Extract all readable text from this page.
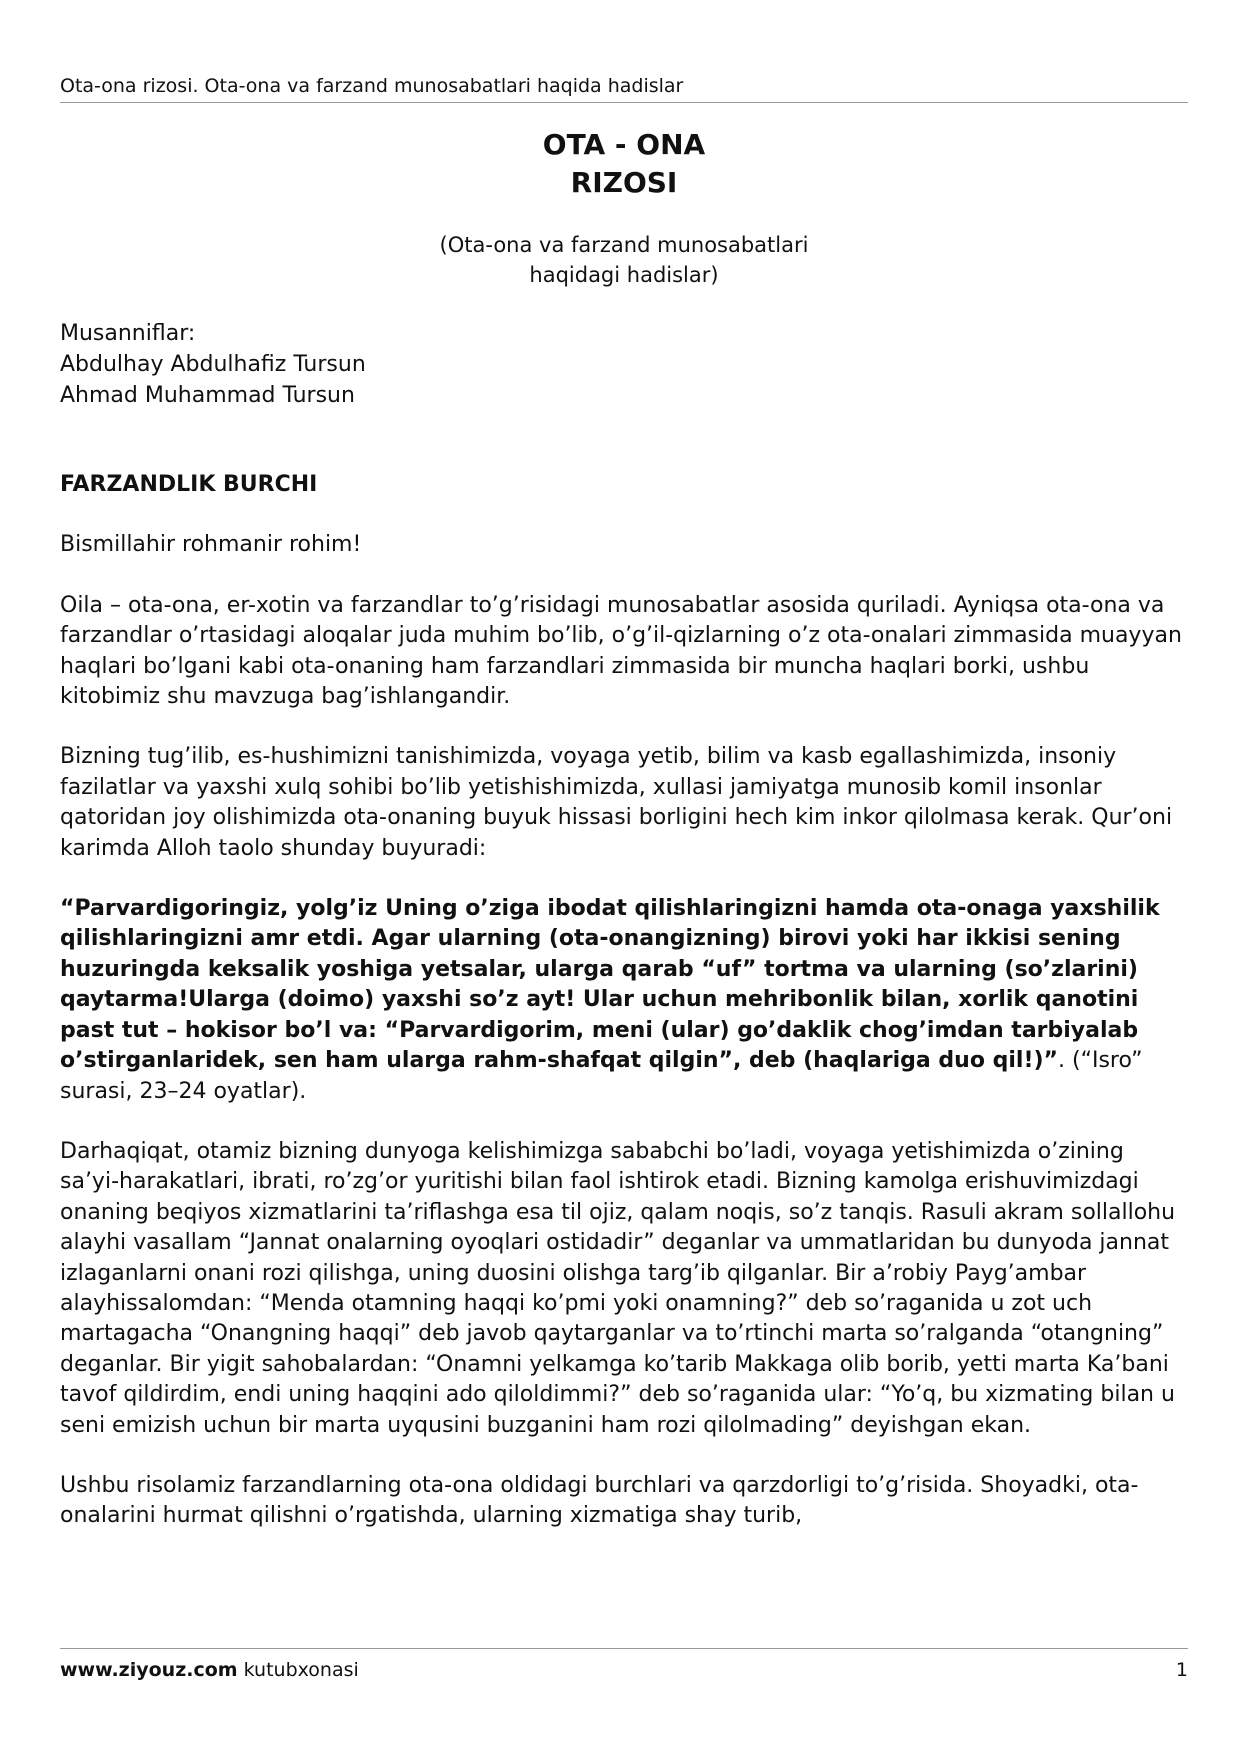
Ota-ona rizosi. Ota-ona va farzand munosabatlari haqida hadislar
OTA - ONA
RIZOSI
(Ota-ona va farzand munosabatlari
haqidagi hadislar)
Musanniflar:
Abdulhay Abdulhafiz Tursun
Ahmad Muhammad Tursun

FARZANDLIK BURCHI

Bismillahir rohmanir rohim!

Oila – ota-ona, er-xotin va farzandlar to’g’risidagi munosabatlar asosida quriladi. Ayniqsa ota-ona va farzandlar o’rtasidagi aloqalar juda muhim bo’lib, o’g’il-qizlarning o’z ota-onalari zimmasida muayyan haqlari bo’lgani kabi ota-onaning ham farzandlari zimmasida bir muncha haqlari borki, ushbu kitobimiz shu mavzuga bag’ishlangandir.

Bizning tug’ilib, es-hushimizni tanishimizda, voyaga yetib, bilim va kasb egallashimizda, insoniy fazilatlar va yaxshi xulq sohibi bo’lib yetishishimizda, xullasi jamiyatga munosib komil insonlar qatoridan joy olishimizda ota-onaning buyuk hissasi borligini hech kim inkor qilolmasa kerak. Qur’oni karimda Alloh taolo shunday buyuradi:

“Parvardigoringiz, yolg’iz Uning o’ziga ibodat qilishlaringizni hamda ota-onaga yaxshilik qilishlaringizni amr etdi. Agar ularning (ota-onangizning) birovi yoki har ikkisi sening huzuringda keksalik yoshiga yetsalar, ularga qarab “uf” tortma va ularning (so’zlarini) qaytarma!Ularga (doimo) yaxshi so’z ayt! Ular uchun mehribonlik bilan, xorlik qanotini past tut – hokisor bo’l va: “Parvardigorim, meni (ular) go’daklik chog’imdan tarbiyalab o’stirganlaridek, sen ham ularga rahm-shafqat qilgin”, deb (haqlariga duo qil!)”. (“Isro” surasi, 23–24 oyatlar).

Darhaqiqat, otamiz bizning dunyoga kelishimizga sababchi bo’ladi, voyaga yetishimizda o’zining sa’yi-harakatlari, ibrati, ro’zg’or yuritishi bilan faol ishtirok etadi. Bizning kamolga erishuvimizdagi onaning beqiyos xizmatlarini ta’riflashga esa til ojiz, qalam noqis, so’z tanqis. Rasuli akram sollallohu alayhi vasallam “Jannat onalarning oyoqlari ostidadir” deganlar va ummatlaridan bu dunyoda jannat izlaganlarni onani rozi qilishga, uning duosini olishga targ’ib qilganlar. Bir a’robiy Payg’ambar alayhissalomdan: “Menda otamning haqqi ko’pmi yoki onamning?” deb so’raganida u zot uch martagacha “Onangning haqqi” deb javob qaytarganlar va to’rtinchi marta so’ralganda “otangning” deganlar. Bir yigit sahobalardan: “Onamni yelkamga ko’tarib Makkaga olib borib, yetti marta Ka’bani tavof qildirdim, endi uning haqqini ado qiloldimmi?” deb so’raganida ular: “Yo’q, bu xizmating bilan u seni emizish uchun bir marta uyqusini buzganini ham rozi qilolmading” deyishgan ekan.

Ushbu risolamiz farzandlarning ota-ona oldidagi burchlari va qarzdorligi to’g’risida. Shoyadki, ota-onalarini hurmat qilishni o’rgatishda, ularning xizmatiga shay turib,

www.ziyouz.com kutubxonasi	1
